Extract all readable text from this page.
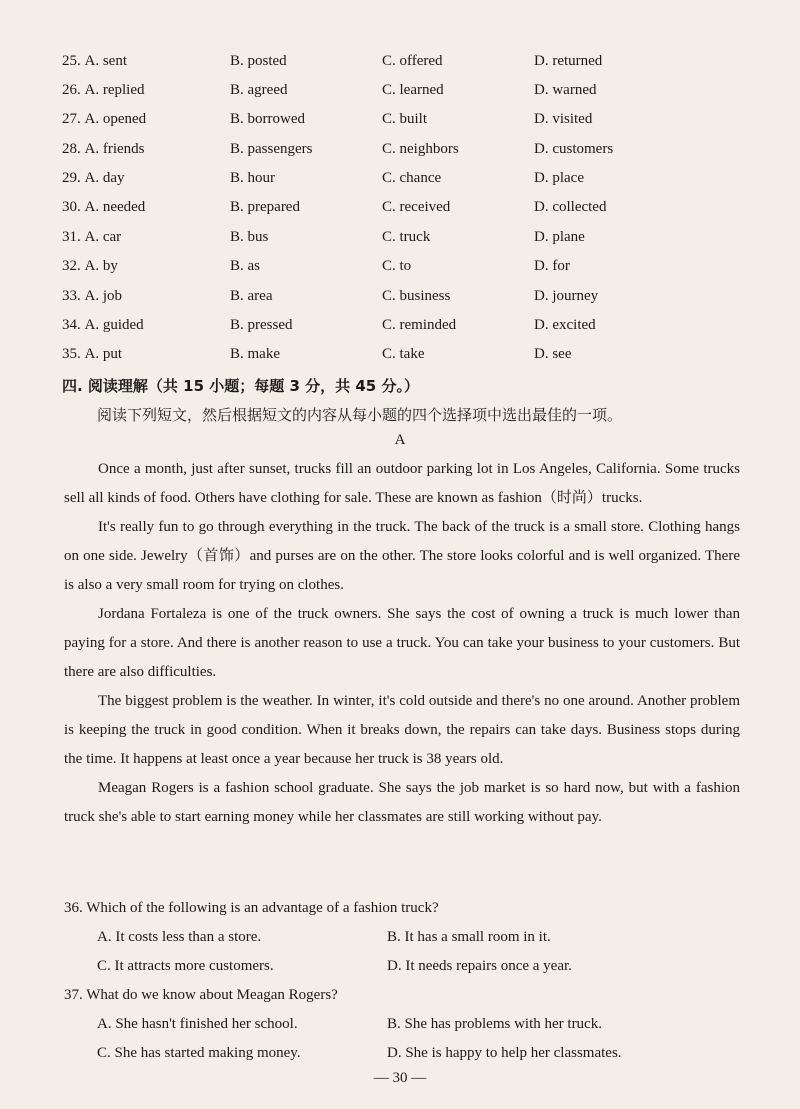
25. A. sent	B. posted	C. offered	D. returned
26. A. replied	B. agreed	C. learned	D. warned
27. A. opened	B. borrowed	C. built	D. visited
28. A. friends	B. passengers	C. neighbors	D. customers
29. A. day	B. hour	C. chance	D. place
30. A. needed	B. prepared	C. received	D. collected
31. A. car	B. bus	C. truck	D. plane
32. A. by	B. as	C. to	D. for
33. A. job	B. area	C. business	D. journey
34. A. guided	B. pressed	C. reminded	D. excited
35. A. put	B. make	C. take	D. see
四. 阅读理解（共 15 小题；每题 3 分，共 45 分。）
阅读下列短文，然后根据短文的内容从每小题的四个选择项中选出最佳的一项。
A

Once a month, just after sunset, trucks fill an outdoor parking lot in Los Angeles, California. Some trucks sell all kinds of food. Others have clothing for sale. These are known as fashion（时尚）trucks.

It's really fun to go through everything in the truck. The back of the truck is a small store. Clothing hangs on one side. Jewelry（首饰）and purses are on the other. The store looks colorful and is well organized. There is also a very small room for trying on clothes.

Jordana Fortaleza is one of the truck owners. She says the cost of owning a truck is much lower than paying for a store. And there is another reason to use a truck. You can take your business to your customers. But there are also difficulties.

The biggest problem is the weather. In winter, it's cold outside and there's no one around. Another problem is keeping the truck in good condition. When it breaks down, the repairs can take days. Business stops during the time. It happens at least once a year because her truck is 38 years old.

Meagan Rogers is a fashion school graduate. She says the job market is so hard now, but with a fashion truck she's able to start earning money while her classmates are still working without pay.

36. Which of the following is an advantage of a fashion truck?
A. It costs less than a store.	B. It has a small room in it.
C. It attracts more customers.	D. It needs repairs once a year.
37. What do we know about Meagan Rogers?
A. She hasn't finished her school.	B. She has problems with her truck.
C. She has started making money.	D. She is happy to help her classmates.
— 30 —
